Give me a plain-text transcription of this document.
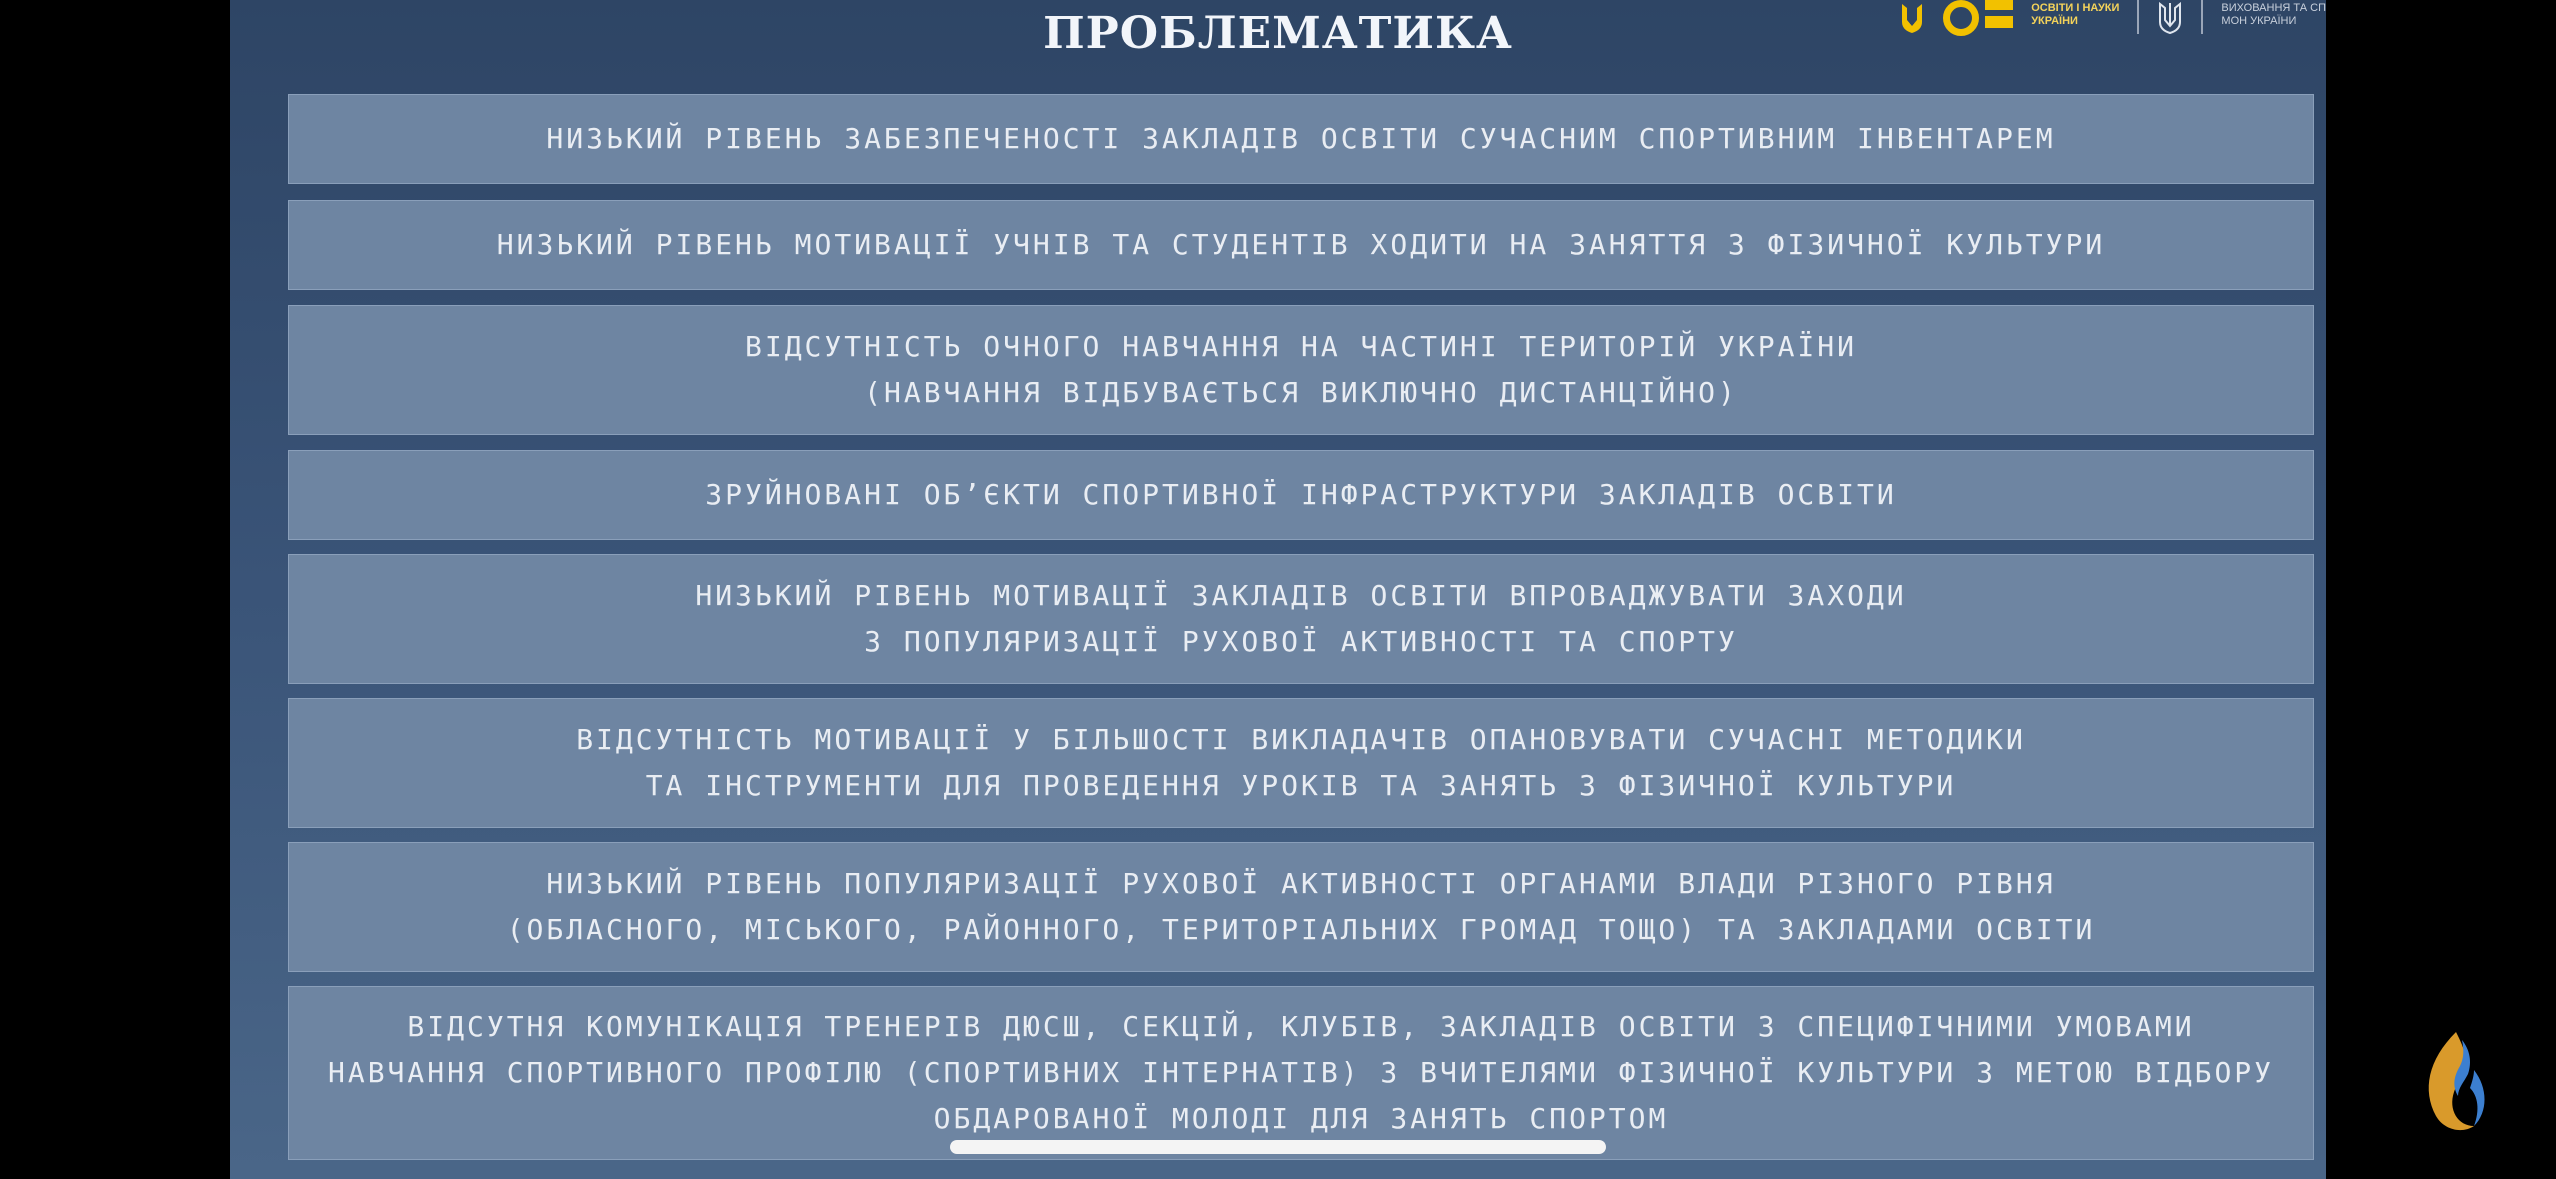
ПРОБЛЕМАТИКА	ОСВІТИ І НАУКИ
УКРАЇНИ
ВИХОВАННЯ ТА СП
МОН УКРАЇНИ
НИЗЬКИЙ РІВЕНЬ ЗАБЕЗПЕЧЕНОСТІ ЗАКЛАДІВ ОСВІТИ СУЧАСНИМ СПОРТИВНИМ ІНВЕНТАРЕМ
НИЗЬКИЙ РІВЕНЬ МОТИВАЦІЇ УЧНІВ ТА СТУДЕНТІВ ХОДИТИ НА ЗАНЯТТЯ З ФІЗИЧНОЇ КУЛЬТУРИ
ВІДСУТНІСТЬ ОЧНОГО НАВЧАННЯ НА ЧАСТИНІ ТЕРИТОРІЙ УКРАЇНИ
(НАВЧАННЯ ВІДБУВАЄТЬСЯ ВИКЛЮЧНО ДИСТАНЦІЙНО)
ЗРУЙНОВАНІ ОБ’ЄКТИ СПОРТИВНОЇ ІНФРАСТРУКТУРИ ЗАКЛАДІВ ОСВІТИ
НИЗЬКИЙ РІВЕНЬ МОТИВАЦІЇ ЗАКЛАДІВ ОСВІТИ ВПРОВАДЖУВАТИ ЗАХОДИ
З ПОПУЛЯРИЗАЦІЇ РУХОВОЇ АКТИВНОСТІ ТА СПОРТУ
ВІДСУТНІСТЬ МОТИВАЦІЇ У БІЛЬШОСТІ ВИКЛАДАЧІВ ОПАНОВУВАТИ СУЧАСНІ МЕТОДИКИ
ТА ІНСТРУМЕНТИ ДЛЯ ПРОВЕДЕННЯ УРОКІВ ТА ЗАНЯТЬ З ФІЗИЧНОЇ КУЛЬТУРИ
НИЗЬКИЙ РІВЕНЬ ПОПУЛЯРИЗАЦІЇ РУХОВОЇ АКТИВНОСТІ ОРГАНАМИ ВЛАДИ РІЗНОГО РІВНЯ
(ОБЛАСНОГО, МІСЬКОГО, РАЙОННОГО, ТЕРИТОРІАЛЬНИХ ГРОМАД ТОЩО) ТА ЗАКЛАДАМИ ОСВІТИ
ВІДСУТНЯ КОМУНІКАЦІЯ ТРЕНЕРІВ ДЮСШ, СЕКЦІЙ, КЛУБІВ, ЗАКЛАДІВ ОСВІТИ З СПЕЦИФІЧНИМИ УМОВАМИ
НАВЧАННЯ СПОРТИВНОГО ПРОФІЛЮ (СПОРТИВНИХ ІНТЕРНАТІВ) З ВЧИТЕЛЯМИ ФІЗИЧНОЇ КУЛЬТУРИ З МЕТОЮ ВІДБОРУ
ОБДАРОВАНОЇ МОЛОДІ ДЛЯ ЗАНЯТЬ СПОРТОМ
